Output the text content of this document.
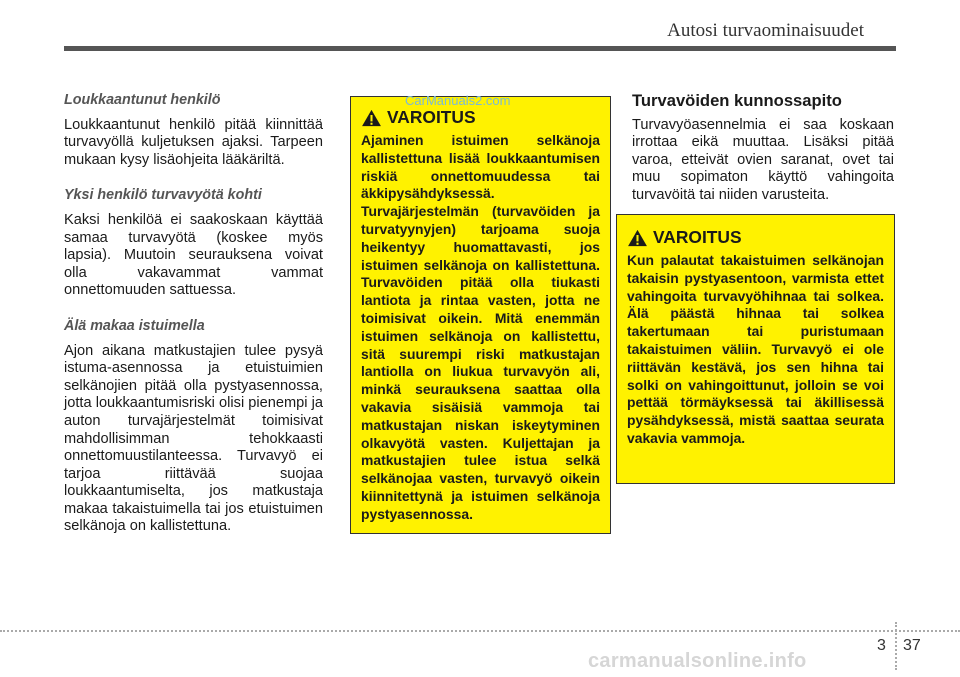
Autosi turvaominaisuudet

Loukkaantunut henkilö

Loukkaantunut henkilö pitää kiinnittää turvavyöllä kuljetuksen ajaksi. Tarpeen mukaan kysy lisäohjeita lääkäriltä.

Yksi henkilö turvavyötä kohti

Kaksi henkilöä ei saakoskaan käyttää samaa turvavyötä (koskee myös lapsia). Muutoin seurauksena voivat olla vakavammat vammat onnettomuuden sattuessa.

Älä makaa istuimella

Ajon aikana matkustajien tulee pysyä istuma-asennossa ja etuistuimien selkänojien pitää olla pystyasennossa, jotta loukkaantumisriski olisi pienempi ja auton turvajärjestelmät toimisivat mahdollisimman tehokkaasti onnettomuustilanteessa. Turvavyö ei tarjoa riittävää suojaa loukkaantumiselta, jos matkustaja makaa takaistuimella tai jos etuistuimen selkänoja on kallistettuna.

VAROITUS

Ajaminen istuimen selkänoja kallistettuna lisää loukkaantumisen riskiä onnettomuudessa tai äkkipysähdyksessä. Turvajärjestelmän (turvavöiden ja turvatyynyjen) tarjoama suoja heikentyy huomattavasti, jos istuimen selkänoja on kallistettuna. Turvavöiden pitää olla tiukasti lantiota ja rintaa vasten, jotta ne toimisivat oikein. Mitä enemmän istuimen selkänoja on kallistettu, sitä suurempi riski matkustajan lantiolla on liukua turvavyön ali, minkä seurauksena saattaa olla vakavia sisäisiä vammoja tai matkustajan niskan iskeytyminen olkavyötä vasten. Kuljettajan ja matkustajien tulee istua selkä selkänojaa vasten, turvavyö oikein kiinnitettynä ja istuimen selkänoja pystyasennossa.

CarManuals2.com	Turvavöiden kunnossapito

Turvavyöasennelmia ei saa koskaan irrottaa eikä muuttaa. Lisäksi pitää varoa, etteivät ovien saranat, ovet tai muu sopimaton käyttö vahingoita turvavöitä tai niiden varusteita.

VAROITUS

Kun palautat takaistuimen selkänojan takaisin pystyasentoon, varmista ettet vahingoita turvavyöhihnaa tai solkea. Älä päästä hihnaa tai solkea takertumaan tai puristumaan takaistuimen väliin. Turvavyö ei ole riittävän kestävä, jos sen hihna tai solki on vahingoittunut, jolloin se voi pettää törmäyksessä tai äkillisessä pysähdyksessä, mistä saattaa seurata vakavia vammoja.

3 37
carmanualsonline.info
